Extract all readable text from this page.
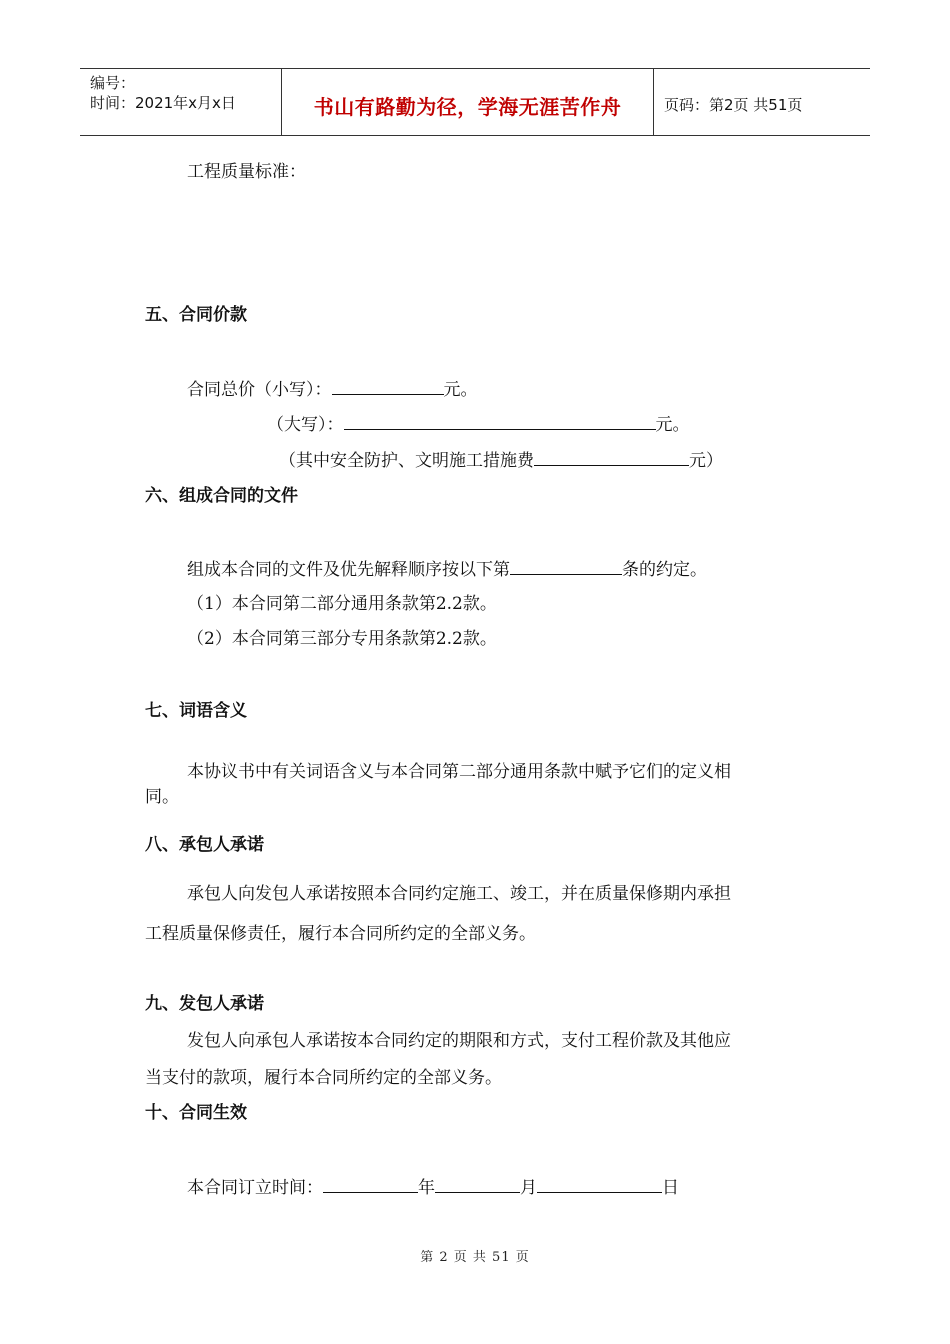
编号：
时间：2021年x月x日	书山有路勤为径，学海无涯苦作舟	页码：第2页 共51页
工程质量标准：
五、合同价款
合同总价（小写）：	元。
（大写）：	元。
（其中安全防护、文明施工措施费	元）
六、组成合同的文件
组成本合同的文件及优先解释顺序按以下第	条的约定。
（1）本合同第二部分通用条款第2.2款。
（2）本合同第三部分专用条款第2.2款。
七、词语含义
本协议书中有关词语含义与本合同第二部分通用条款中赋予它们的定义相
同。
八、承包人承诺
承包人向发包人承诺按照本合同约定施工、竣工，并在质量保修期内承担
工程质量保修责任，履行本合同所约定的全部义务。
九、发包人承诺
发包人向承包人承诺按本合同约定的期限和方式，支付工程价款及其他应
当支付的款项，履行本合同所约定的全部义务。
十、合同生效
本合同订立时间：	年	月	日
第 2 页 共 51 页
